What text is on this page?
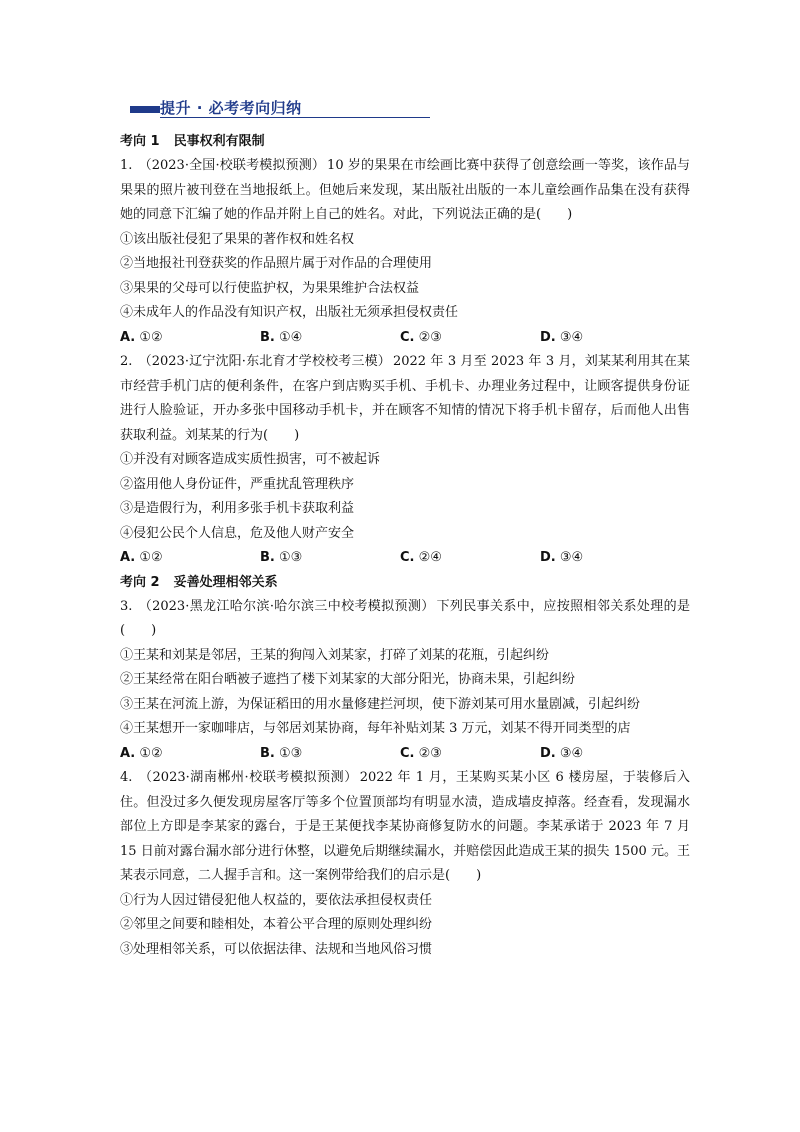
提升 · 必考考向归纳

考向 1 民事权利有限制

1. （2023·全国·校联考模拟预测） 10 岁的果果在市绘画比赛中获得了创意绘画一等奖，该作品与果果的照片被刊登在当地报纸上。但她后来发现，某出版社出版的一本儿童绘画作品集在没有获得她的同意下汇编了她的作品并附上自己的姓名。对此，下列说法正确的是(　　)

①该出版社侵犯了果果的著作权和姓名权

②当地报社刊登获奖的作品照片属于对作品的合理使用

③果果的父母可以行使监护权，为果果维护合法权益

④未成年人的作品没有知识产权，出版社无须承担侵权责任

A. ①②	B. ①④	C. ②③	D. ③④

2. （2023·辽宁沈阳·东北育才学校校考三模） 2022 年 3 月至 2023 年 3 月，刘某某利用其在某市经营手机门店的便利条件，在客户到店购买手机、手机卡、办理业务过程中，让顾客提供身份证进行人脸验证，开办多张中国移动手机卡，并在顾客不知情的情况下将手机卡留存，后而他人出售获取利益。刘某某的行为(　　)

①并没有对顾客造成实质性损害，可不被起诉

②盗用他人身份证件，严重扰乱管理秩序

③是造假行为，利用多张手机卡获取利益

④侵犯公民个人信息，危及他人财产安全

A. ①②	B. ①③	C. ②④	D. ③④

考向 2 妥善处理相邻关系

3. （2023·黑龙江哈尔滨·哈尔滨三中校考模拟预测） 下列民事关系中，应按照相邻关系处理的是(　　)

①王某和刘某是邻居，王某的狗闯入刘某家，打碎了刘某的花瓶，引起纠纷

②王某经常在阳台晒被子遮挡了楼下刘某家的大部分阳光，协商未果，引起纠纷

③王某在河流上游，为保证稻田的用水量修建拦河坝，使下游刘某可用水量剧减，引起纠纷

④王某想开一家咖啡店，与邻居刘某协商，每年补贴刘某 3 万元，刘某不得开同类型的店

A. ①②	B. ①③	C. ②③	D. ③④

4. （2023·湖南郴州·校联考模拟预测） 2022 年 1 月，王某购买某小区 6 楼房屋，于装修后入住。但没过多久便发现房屋客厅等多个位置顶部均有明显水渍，造成墙皮掉落。经查看，发现漏水部位上方即是李某家的露台，于是王某便找李某协商修复防水的问题。李某承诺于 2023 年 7 月 15 日前对露台漏水部分进行休整，以避免后期继续漏水，并赔偿因此造成王某的损失 1500 元。王某表示同意，二人握手言和。这一案例带给我们的启示是(　　)

①行为人因过错侵犯他人权益的，要依法承担侵权责任

②邻里之间要和睦相处，本着公平合理的原则处理纠纷

③处理相邻关系，可以依据法律、法规和当地风俗习惯
